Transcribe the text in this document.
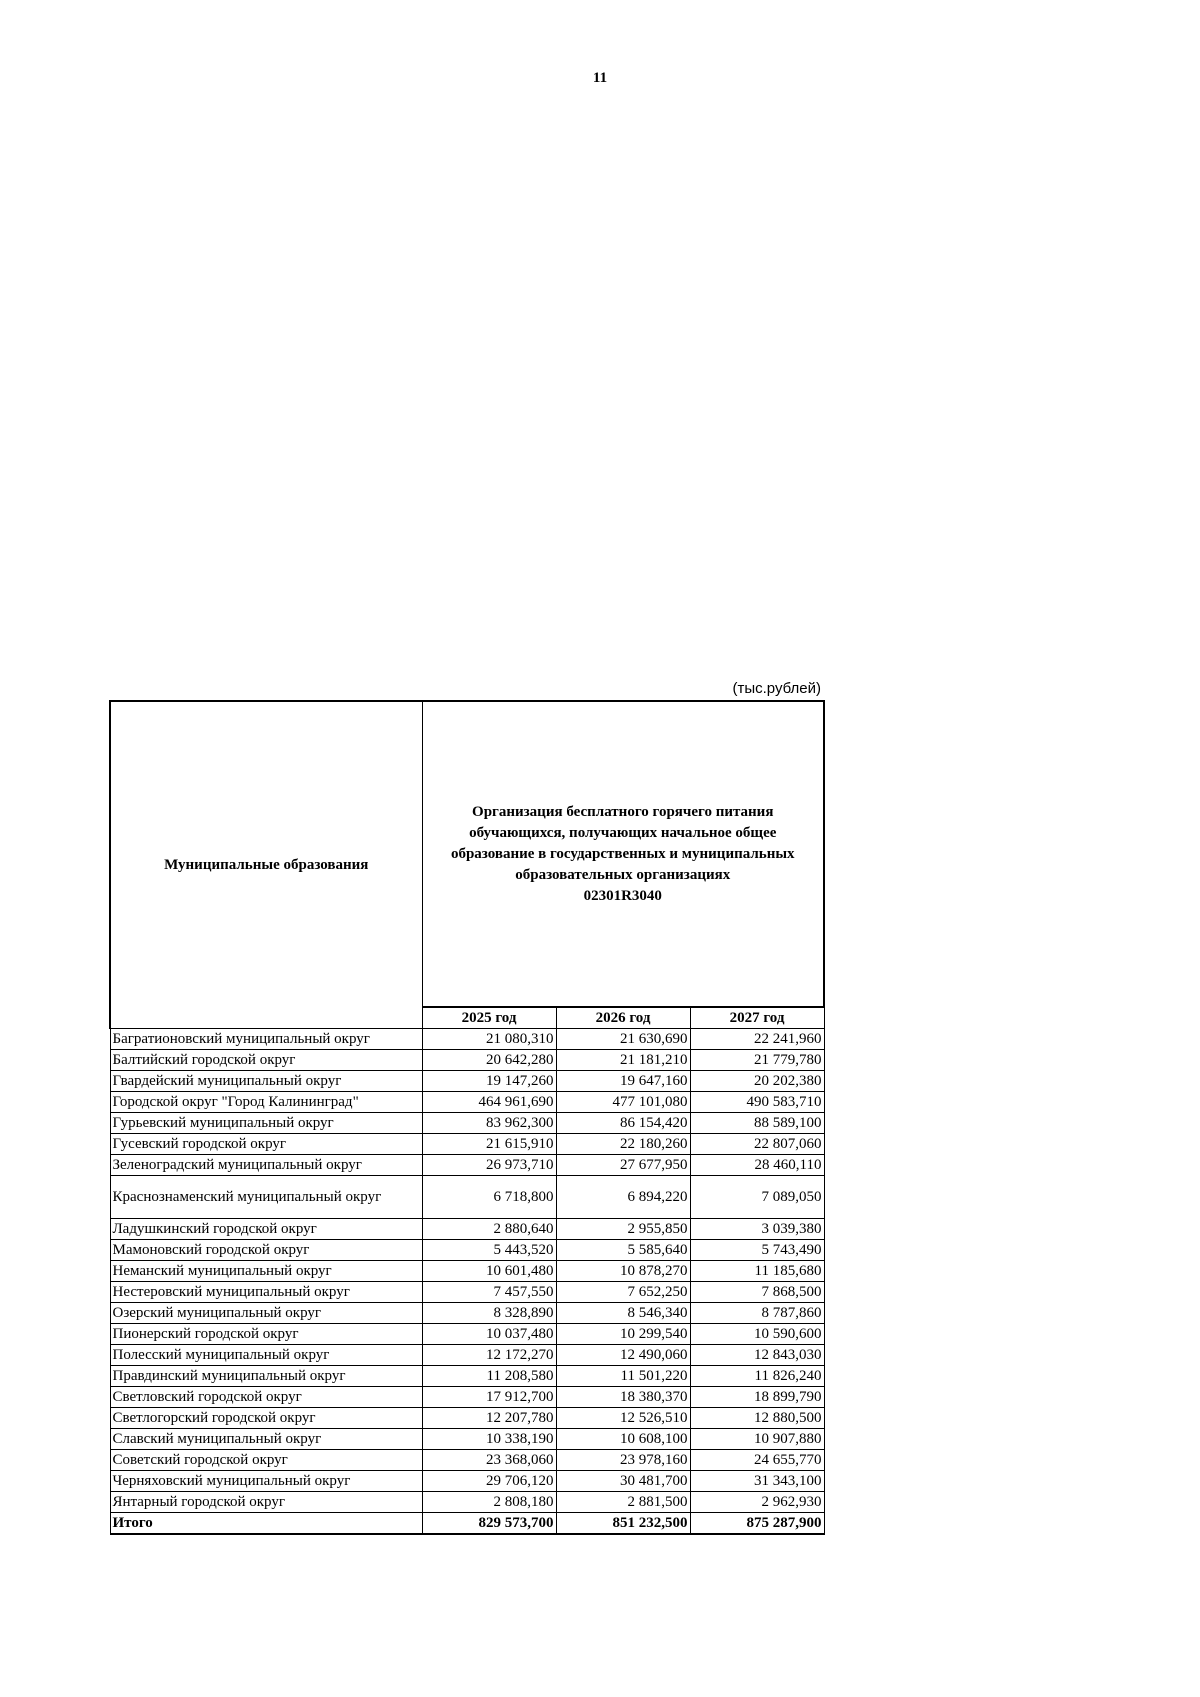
11
(тыс.рублей)
Муниципальные образования	Организация бесплатного горячего питания
обучающихся, получающих начальное общее
образование в государственных и муниципальных
образовательных организациях
02301R3040		

	2025 год	2026 год	2027 год
Багратионовский муниципальный округ	21 080,310	21 630,690	22 241,960
Балтийский городской округ	20 642,280	21 181,210	21 779,780
Гвардейский муниципальный округ	19 147,260	19 647,160	20 202,380
Городской округ "Город Калининград"	464 961,690	477 101,080	490 583,710
Гурьевский муниципальный округ	83 962,300	86 154,420	88 589,100
Гусевский городской округ	21 615,910	22 180,260	22 807,060
Зеленоградский муниципальный округ	26 973,710	27 677,950	28 460,110
Краснознаменский муниципальный округ	6 718,800	6 894,220	7 089,050
Ладушкинский городской округ	2 880,640	2 955,850	3 039,380
Мамоновский городской округ	5 443,520	5 585,640	5 743,490
Неманский муниципальный округ	10 601,480	10 878,270	11 185,680
Нестеровский муниципальный округ	7 457,550	7 652,250	7 868,500
Озерский муниципальный округ	8 328,890	8 546,340	8 787,860
Пионерский городской округ	10 037,480	10 299,540	10 590,600
Полесский муниципальный округ	12 172,270	12 490,060	12 843,030
Правдинский муниципальный округ	11 208,580	11 501,220	11 826,240
Светловский городской округ	17 912,700	18 380,370	18 899,790
Светлогорский городской округ	12 207,780	12 526,510	12 880,500
Славский муниципальный округ	10 338,190	10 608,100	10 907,880
Советский городской округ	23 368,060	23 978,160	24 655,770
Черняховский муниципальный округ	29 706,120	30 481,700	31 343,100
Янтарный городской округ	2 808,180	2 881,500	2 962,930
Итого	829 573,700	851 232,500	875 287,900
